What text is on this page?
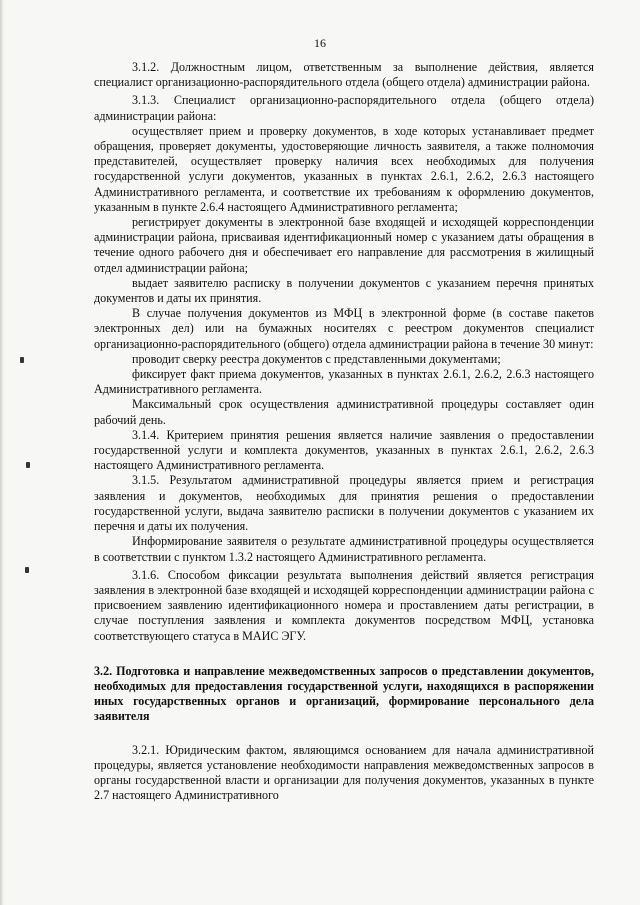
16

3.1.2. Должностным лицом, ответственным за выполнение действия, является специалист организационно-распорядительного отдела (общего отдела) администрации района.

3.1.3. Специалист организационно-распорядительного отдела (общего отдела) администрации района:

осуществляет прием и проверку документов, в ходе которых устанавливает предмет обращения, проверяет документы, удостоверяющие личность заявителя, а также полномочия представителей, осуществляет проверку наличия всех необходимых для получения государственной услуги документов, указанных в пунктах 2.6.1, 2.6.2, 2.6.3 настоящего Административного регламента, и соответствие их требованиям к оформлению документов, указанным в пункте 2.6.4 настоящего Административного регламента;

регистрирует документы в электронной базе входящей и исходящей корреспонденции администрации района, присваивая идентификационный номер с указанием даты обращения в течение одного рабочего дня и обеспечивает его направление для рассмотрения в жилищный отдел администрации района;

выдает заявителю расписку в получении документов с указанием перечня принятых документов и даты их принятия.

В случае получения документов из МФЦ в электронной форме (в составе пакетов электронных дел) или на бумажных носителях с реестром документов специалист организационно-распорядительного (общего) отдела администрации района в течение 30 минут:

проводит сверку реестра документов с представленными документами;

фиксирует факт приема документов, указанных в пунктах 2.6.1, 2.6.2, 2.6.3 настоящего Административного регламента.

Максимальный срок осуществления административной процедуры составляет один рабочий день.

3.1.4. Критерием принятия решения является наличие заявления о предоставлении государственной услуги и комплекта документов, указанных в пунктах 2.6.1, 2.6.2, 2.6.3 настоящего Административного регламента.

3.1.5. Результатом административной процедуры является прием и регистрация заявления и документов, необходимых для принятия решения о предоставлении государственной услуги, выдача заявителю расписки в получении документов с указанием их перечня и даты их получения.

Информирование заявителя о результате административной процедуры осуществляется в соответствии с пунктом 1.3.2 настоящего Административного регламента.

3.1.6. Способом фиксации результата выполнения действий является регистрация заявления в электронной базе входящей и исходящей корреспонденции администрации района с присвоением заявлению идентификационного номера и проставлением даты регистрации, в случае поступления заявления и комплекта документов посредством МФЦ, установка соответствующего статуса в МАИС ЭГУ.

3.2. Подготовка и направление межведомственных запросов о представлении документов, необходимых для предоставления государственной услуги, находящихся в распоряжении иных государственных органов и организаций, формирование персонального дела заявителя

3.2.1. Юридическим фактом, являющимся основанием для начала административной процедуры, является установление необходимости направления межведомственных запросов в органы государственной власти и организации для получения документов, указанных в пункте 2.7 настоящего Административного
